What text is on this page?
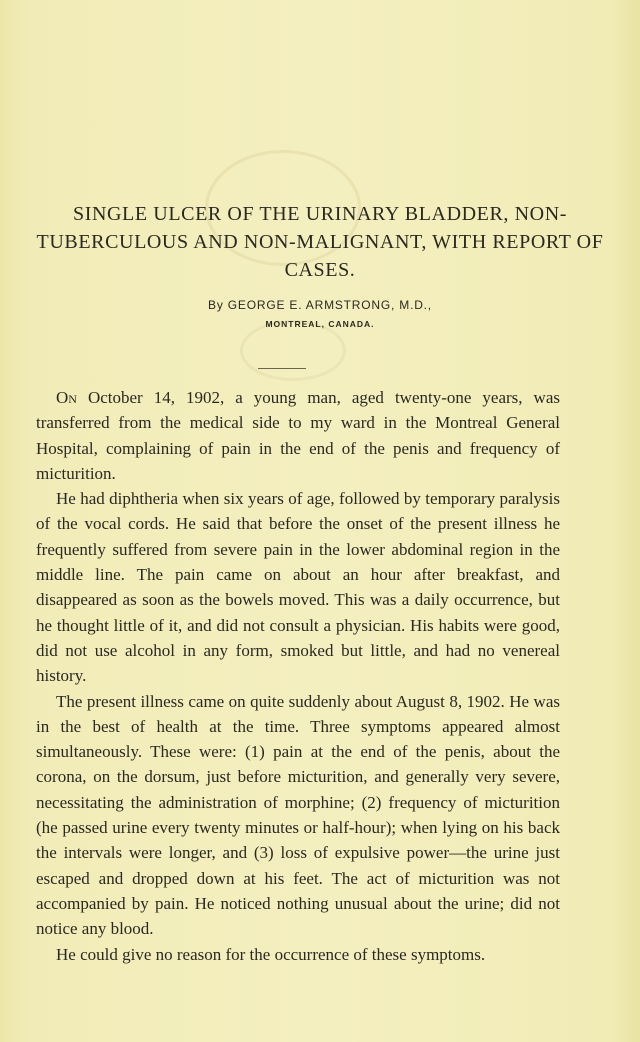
SINGLE ULCER OF THE URINARY BLADDER, NON-TUBERCULOUS AND NON-MALIGNANT, WITH REPORT OF CASES.
By GEORGE E. ARMSTRONG, M.D.,
MONTREAL, CANADA.

On October 14, 1902, a young man, aged twenty-one years, was transferred from the medical side to my ward in the Montreal General Hospital, complaining of pain in the end of the penis and frequency of micturition.

He had diphtheria when six years of age, followed by temporary paralysis of the vocal cords. He said that before the onset of the present illness he frequently suffered from severe pain in the lower abdominal region in the middle line. The pain came on about an hour after breakfast, and disappeared as soon as the bowels moved. This was a daily occurrence, but he thought little of it, and did not consult a physician. His habits were good, did not use alcohol in any form, smoked but little, and had no venereal history.

The present illness came on quite suddenly about August 8, 1902. He was in the best of health at the time. Three symptoms appeared almost simultaneously. These were: (1) pain at the end of the penis, about the corona, on the dorsum, just before micturition, and generally very severe, necessitating the administration of morphine; (2) frequency of micturition (he passed urine every twenty minutes or half-hour); when lying on his back the intervals were longer, and (3) loss of expulsive power—the urine just escaped and dropped down at his feet. The act of micturition was not accompanied by pain. He noticed nothing unusual about the urine; did not notice any blood.

He could give no reason for the occurrence of these symptoms.
